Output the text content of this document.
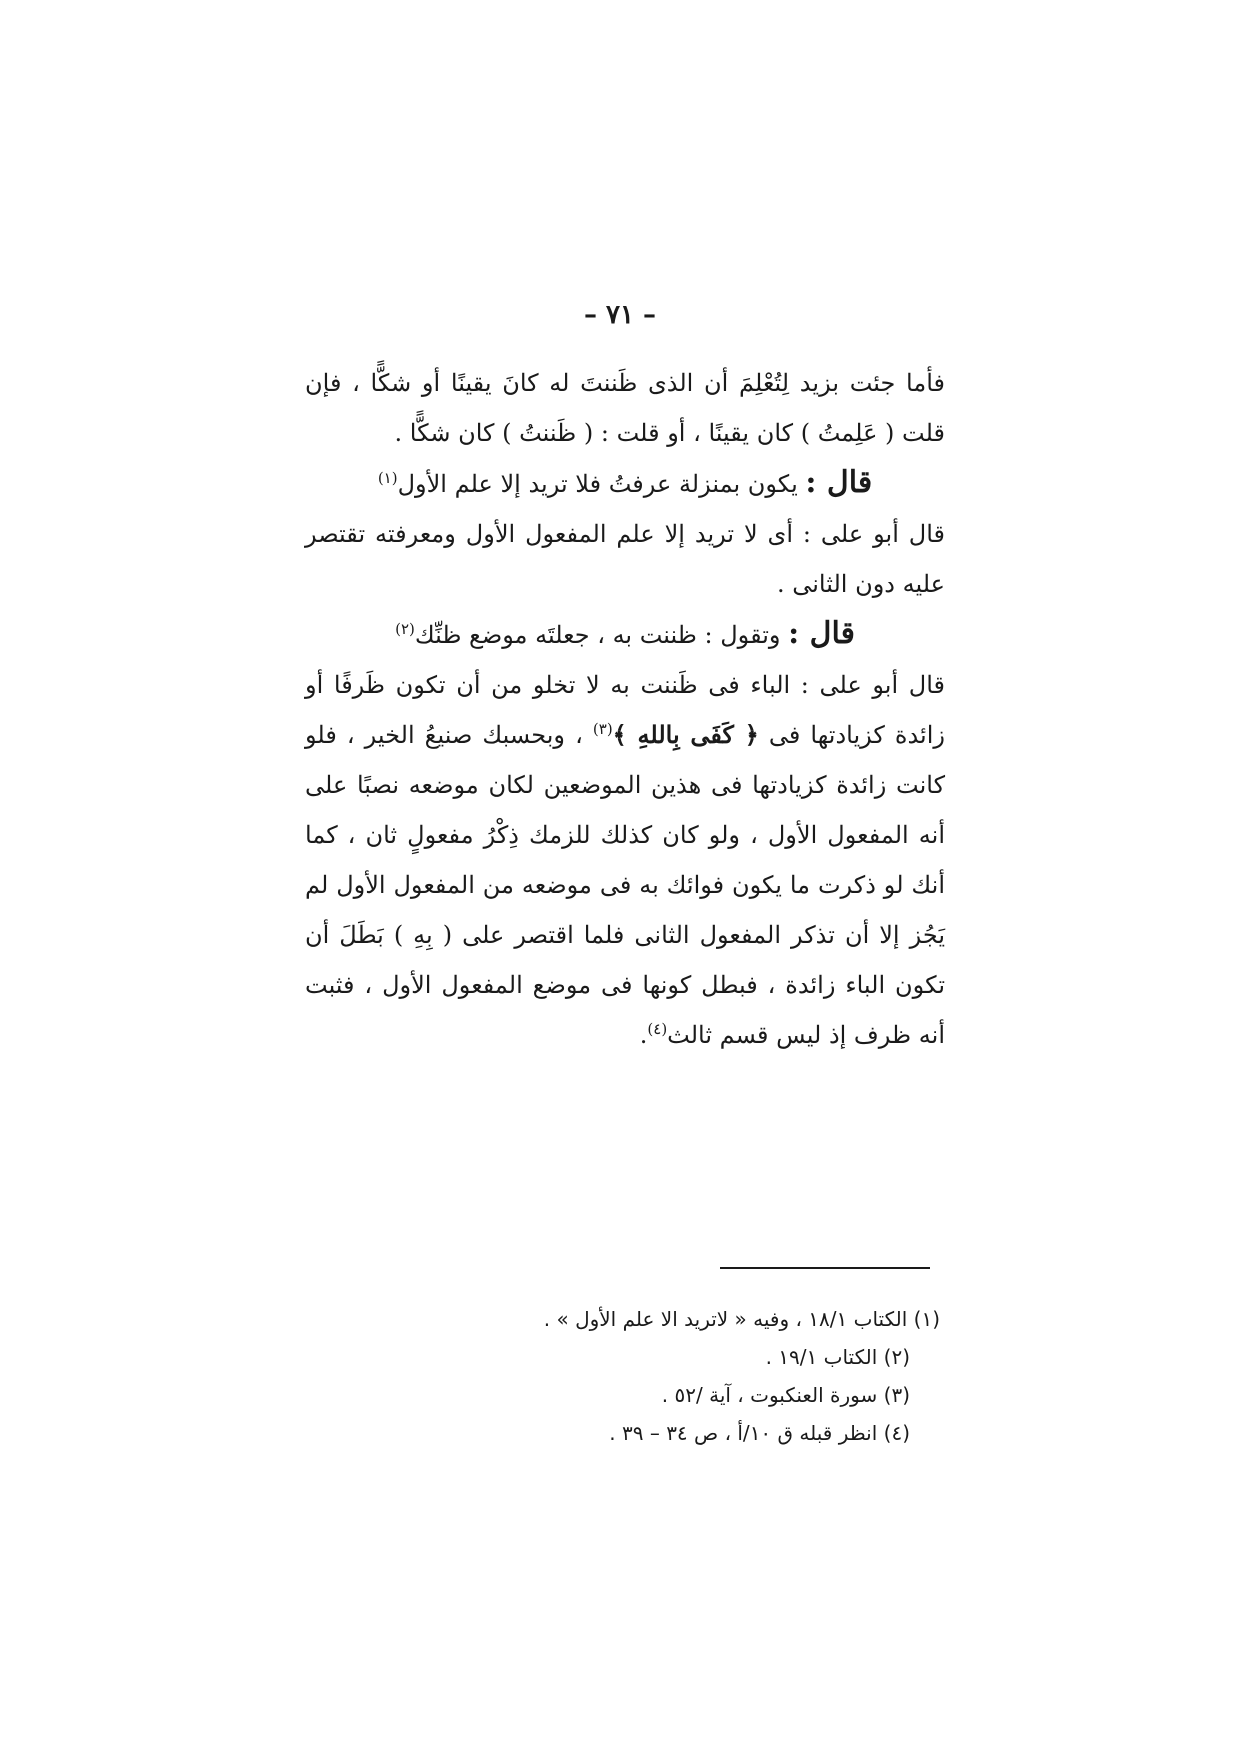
– ٧١ –

فأما جئت بزيد لِتُعْلِمَ أن الذى ظَننتَ له كانَ يقينًا أو شكًّا ، فإن قلت ( عَلِمتُ ) كان يقينًا ، أو قلت : ( ظَننتُ ) كان شكًّا .

قال : يكون بمنزلة عرفتُ فلا تريد إلا علم الأول$^{(١)}$

قال أبو على : أى لا تريد إلا علم المفعول الأول ومعرفته تقتصر عليه دون الثانى .

قال : وتقول : ظننت به ، جعلتَه موضع ظنِّك$^{(٢)}$

قال أبو على : الباء فى ظَننت به لا تخلو من أن تكون ظَرفًا أو زائدة كزيادتها فى ﴿ كَفَى بِاللهِ ﴾$^{(٣)}$ ، وبحسبك صنيعُ الخير ، فلو كانت زائدة كزيادتها فى هذين الموضعين لكان موضعه نصبًا على أنه المفعول الأول ، ولو كان كذلك للزمك ذِكْرُ مفعولٍ ثان ، كما أنك لو ذكرت ما يكون فوائك به فى موضعه من المفعول الأول لم يَجُز إلا أن تذكر المفعول الثانى فلما اقتصر على ( بِهِ ) بَطَلَ أن تكون الباء زائدة ، فبطل كونها فى موضع المفعول الأول ، فثبت أنه ظرف إذ ليس قسم ثالث$^{(٤)}$.

(١) الكتاب ١٨/١ ، وفيه « لاتريد الا علم الأول » .

(٢) الكتاب ١٩/١ .

(٣) سورة العنكبوت ، آية /٥٢ .

(٤) انظر قبله ق ١٠/أ ، ص ٣٤ – ٣٩ .
